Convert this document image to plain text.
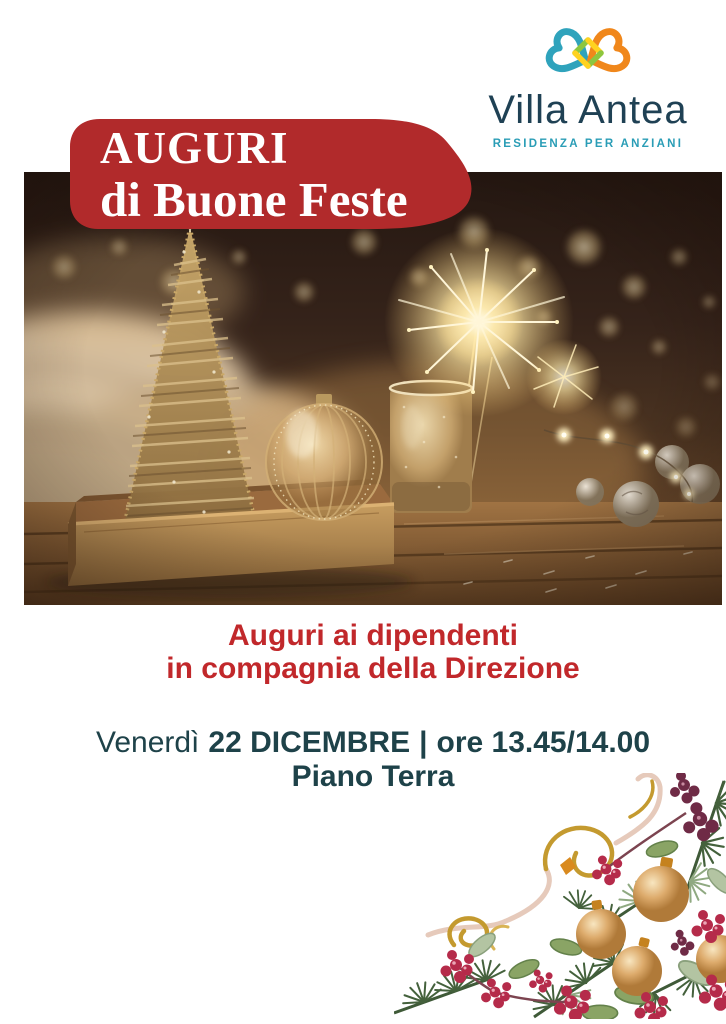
Villa Antea
RESIDENZA PER ANZIANI
AUGURI
di Buone Feste
Auguri ai dipendenti
in compagnia della Direzione
Venerdì 22 DICEMBRE | ore 13.45/14.00
Piano Terra
